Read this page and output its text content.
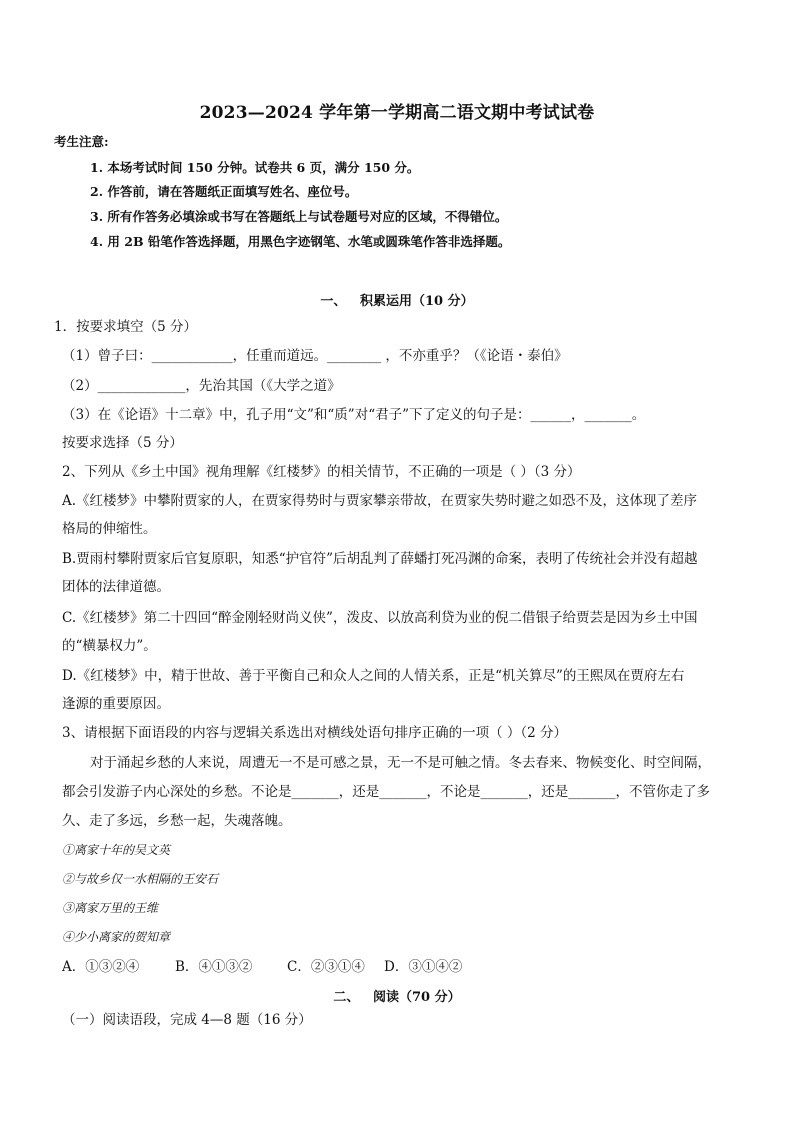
2023—2024 学年第一学期高二语文期中考试试卷
考生注意:
1. 本场考试时间 150 分钟。试卷共 6 页，满分 150 分。
2. 作答前，请在答题纸正面填写姓名、座位号。
3. 所有作答务必填涂或书写在答题纸上与试卷题号对应的区域，不得错位。
4. 用 2B 铅笔作答选择题，用黑色字迹钢笔、水笔或圆珠笔作答非选择题。
一、   积累运用（10 分）
1．按要求填空（5 分）
（1）曾子曰：____________，任重而道远。________ ，不亦重乎？（《论语・泰伯》
（2）_____________，先治其国（《大学之道》
（3）在《论语》十二章》中，孔子用“文”和“质”对“君子”下了定义的句子是：______，_______。
按要求选择（5 分）
2、下列从《乡土中国》视角理解《红楼梦》的相关情节，不正确的一项是（ ）（3 分）
A.《红楼梦》中攀附贾家的人，在贾家得势时与贾家攀亲带故，在贾家失势时避之如恐不及，这体现了差序
格局的伸缩性。
B.贾雨村攀附贾家后官复原职，知悉“护官符”后胡乱判了薛蟠打死冯渊的命案，表明了传统社会并没有超越
团体的法律道德。
C.《红楼梦》第二十四回“醉金刚轻财尚义侠”，泼皮、以放高利贷为业的倪二借银子给贾芸是因为乡土中国
的“横暴权力”。
D.《红楼梦》中，精于世故、善于平衡自己和众人之间的人情关系，正是“机关算尽”的王熙凤在贾府左右
逢源的重要原因。
3、请根据下面语段的内容与逻辑关系选出对横线处语句排序正确的一项（ ）（2 分）
对于涌起乡愁的人来说，周遭无一不是可感之景，无一不是可触之情。冬去春来、物候变化、时空间隔，
都会引发游子内心深处的乡愁。不论是_______，还是_______，不论是_______，还是_______，不管你走了多
久、走了多远，乡愁一起，失魂落魄。
①离家十年的吴文英
②与故乡仅一水相隔的王安石
③离家万里的王维
④少小离家的贺知章
A．①③②④	B．④①③②	C．②③①④ D．③①④②
二、   阅读（70 分）
（一）阅读语段，完成 4—8 题（16 分）
